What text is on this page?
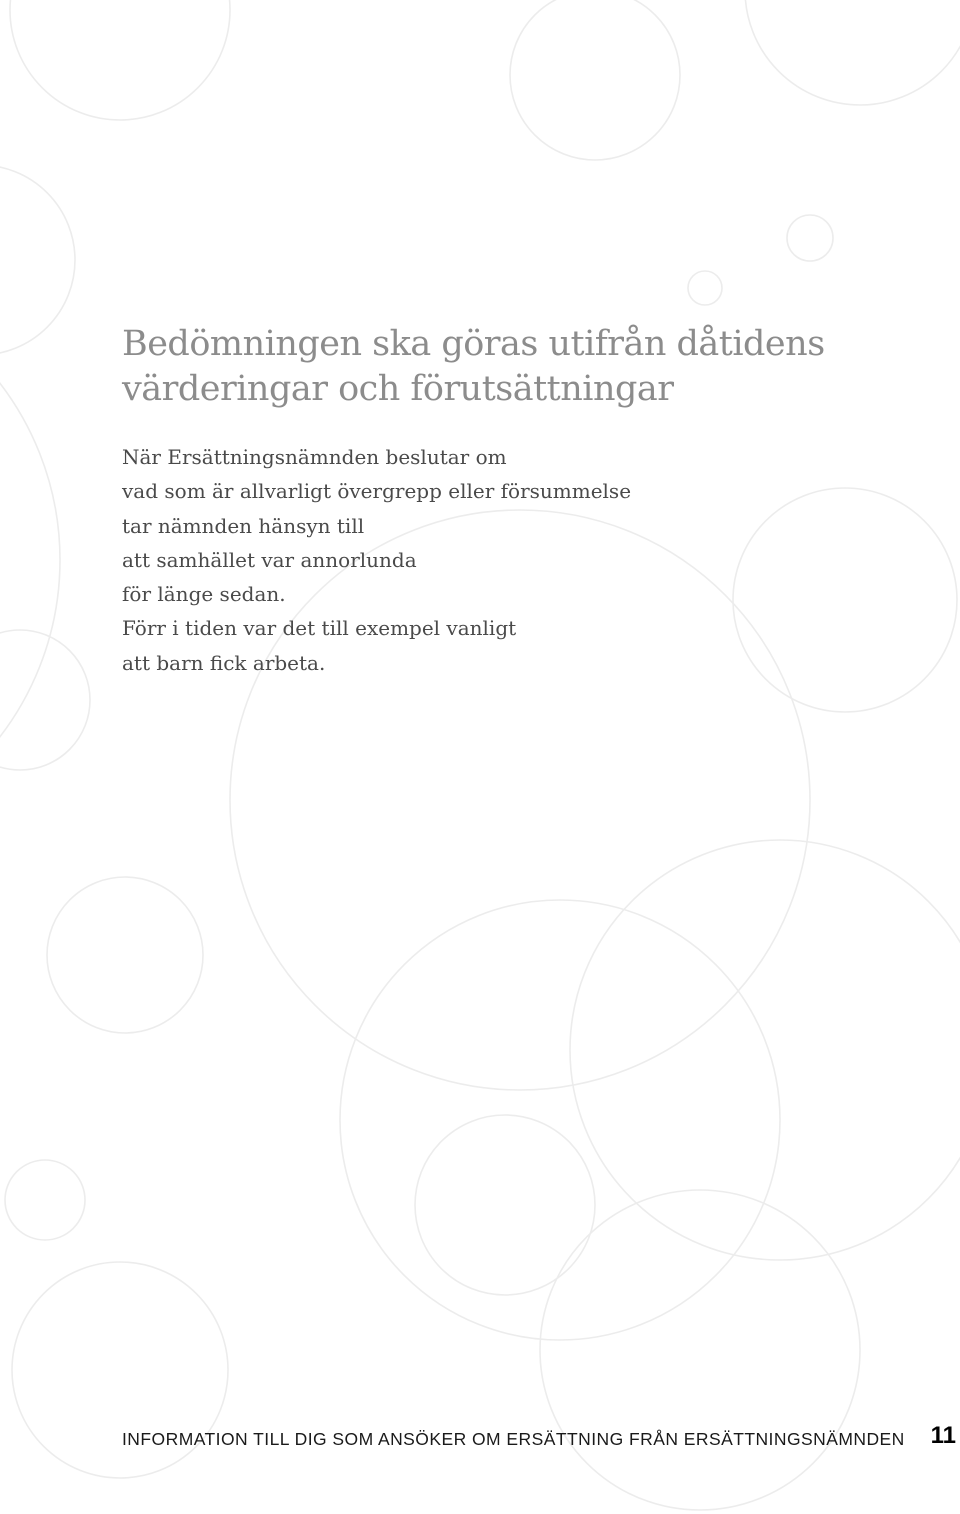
Bedömningen ska göras utifrån dåtidens
värderingar och förutsättningar

När Ersättningsnämnden beslutar om
vad som är allvarligt övergrepp eller försummelse
tar nämnden hänsyn till
att samhället var annorlunda
för länge sedan.
Förr i tiden var det till exempel vanligt
att barn fick arbeta.

INFORMATION TILL DIG SOM ANSÖKER OM ERSÄTTNING FRÅN ERSÄTTNINGSNÄMNDEN 11
